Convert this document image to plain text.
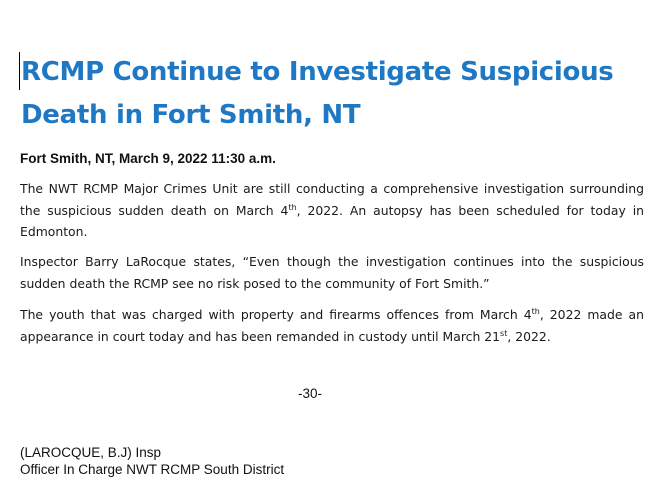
RCMP Continue to Investigate Suspicious Death in Fort Smith, NT

Fort Smith, NT, March 9, 2022 11:30 a.m.

The NWT RCMP Major Crimes Unit are still conducting a comprehensive investigation surrounding the suspicious sudden death on March 4th, 2022. An autopsy has been scheduled for today in Edmonton.

Inspector Barry LaRocque states, “Even though the investigation continues into the suspicious sudden death the RCMP see no risk posed to the community of Fort Smith.”

The youth that was charged with property and firearms offences from March 4th, 2022 made an appearance in court today and has been remanded in custody until March 21st, 2022.

-30-

(LAROCQUE, B.J) Insp
Officer In Charge NWT RCMP South District
